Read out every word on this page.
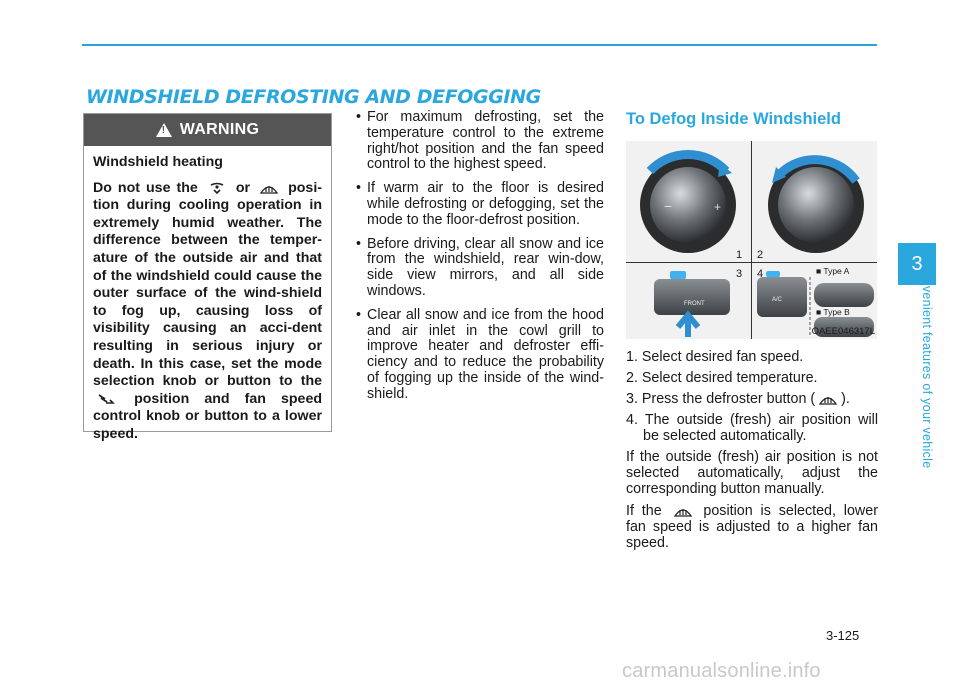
WINDSHIELD DEFROSTING AND DEFOGGING
!
WARNING

Windshield heating

Do not use the	or	posi-tion during cooling operation in extremely humid weather. The difference between the temper-ature of the outside air and that of the windshield could cause the outer surface of the wind-shield to fog up, causing loss of visibility causing an acci-dent resulting in serious injury or death. In this case, set the mode selection knob or button to the  position and fan speed control knob or button to a lower speed.

• For maximum defrosting, set the temperature control to the extreme right/hot position and the fan speed control to the highest speed.
• If warm air to the floor is desired while defrosting or defogging, set the mode to the floor-defrost position.
• Before driving, clear all snow and ice from the windshield, rear win-dow, side view mirrors, and all side windows.
• Clear all snow and ice from the hood and air inlet in the cowl grill to improve heater and defroster effi-ciency and to reduce the probability of fogging up the inside of the wind-shield.
To Defog Inside Windshield
−	+
FRONT
A/C
1 2
3 4	■ Type A
■ Type B
OAEE046317L

1. Select desired fan speed.

2. Select desired temperature.

3. Press the defroster button ( ).

4. The outside (fresh) air position will be selected automatically.

If the outside (fresh) air position is not selected automatically, adjust the corresponding button manually.

If the	position is selected, lower fan speed is adjusted to a higher fan speed.

3
Convenient features of your vehicle
3-125
carmanualsonline.info
